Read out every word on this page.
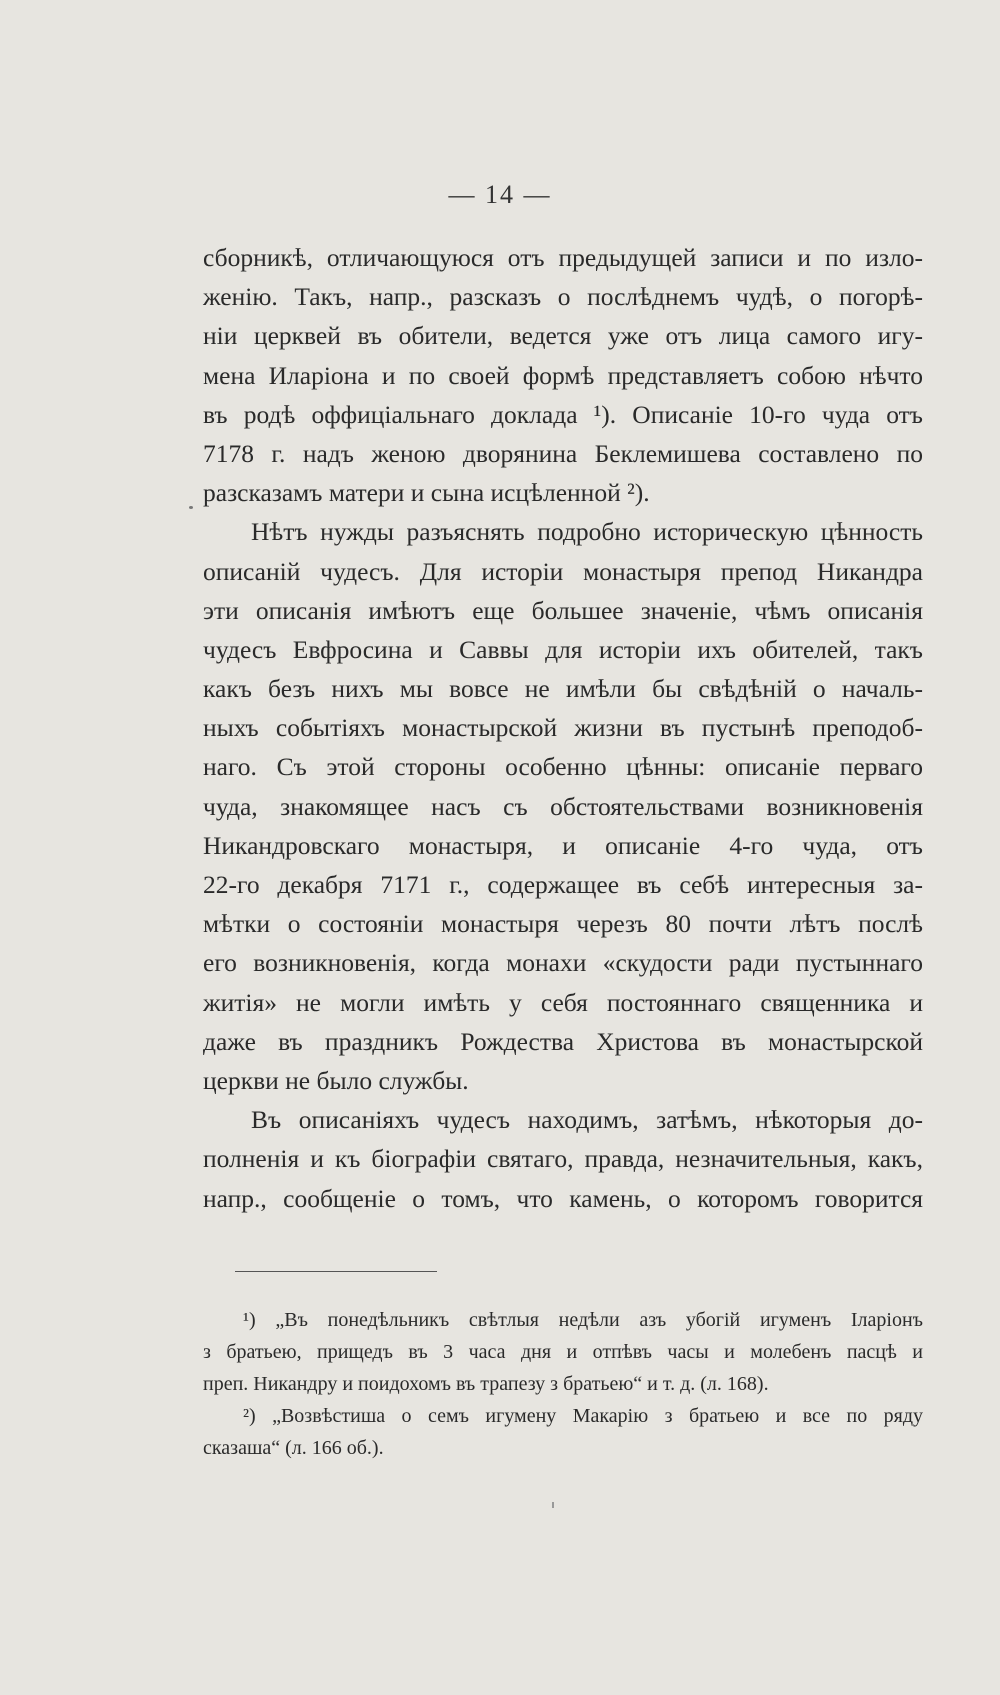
— 14 —
сборникѣ, отличающуюся отъ предыдущей записи и по изло-
женію. Такъ, напр., разсказъ о послѣднемъ чудѣ, о погорѣ-
ніи церквей въ обители, ведется уже отъ лица самого игу-
мена Иларіона и по своей формѣ представляетъ собою нѣчто
въ родѣ оффиціальнаго доклада ¹). Описаніе 10-го чуда отъ
7178 г. надъ женою дворянина Беклемишева составлено по
разсказамъ матери и сына исцѣленной ²).
Нѣтъ нужды разъяснять подробно историческую цѣнность
описаній чудесъ. Для исторіи монастыря препод Никандра
эти описанія имѣютъ еще большее значеніе, чѣмъ описанія
чудесъ Евфросина и Саввы для исторіи ихъ обителей, такъ
какъ безъ нихъ мы вовсе не имѣли бы свѣдѣній о началь-
ныхъ событіяхъ монастырской жизни въ пустынѣ преподоб-
наго. Съ этой стороны особенно цѣнны: описаніе перваго
чуда, знакомящее насъ съ обстоятельствами возникновенія
Никандровскаго монастыря, и описаніе 4-го чуда, отъ
22-го декабря 7171 г., содержащее въ себѣ интересныя за-
мѣтки о состояніи монастыря черезъ 80 почти лѣтъ послѣ
его возникновенія, когда монахи «скудости ради пустыннаго
житія» не могли имѣть у себя постояннаго священника и
даже въ праздникъ Рождества Христова въ монастырской
церкви не было службы.
Въ описаніяхъ чудесъ находимъ, затѣмъ, нѣкоторыя до-
полненія и къ біографіи святаго, правда, незначительныя, какъ,
напр., сообщеніе о томъ, что камень, о которомъ говорится
¹) „Въ понедѣльникъ свѣтлыя недѣли азъ убогій игуменъ Іларіонъ
з братьею, прищедъ въ 3 часа дня и отпѣвъ часы и молебенъ пасцѣ и
преп. Никандру и поидохомъ въ трапезу з братьею“ и т. д. (л. 168).
²) „Возвѣстиша о семъ игумену Макарію з братьею и все по ряду
сказаша“ (л. 166 об.).
